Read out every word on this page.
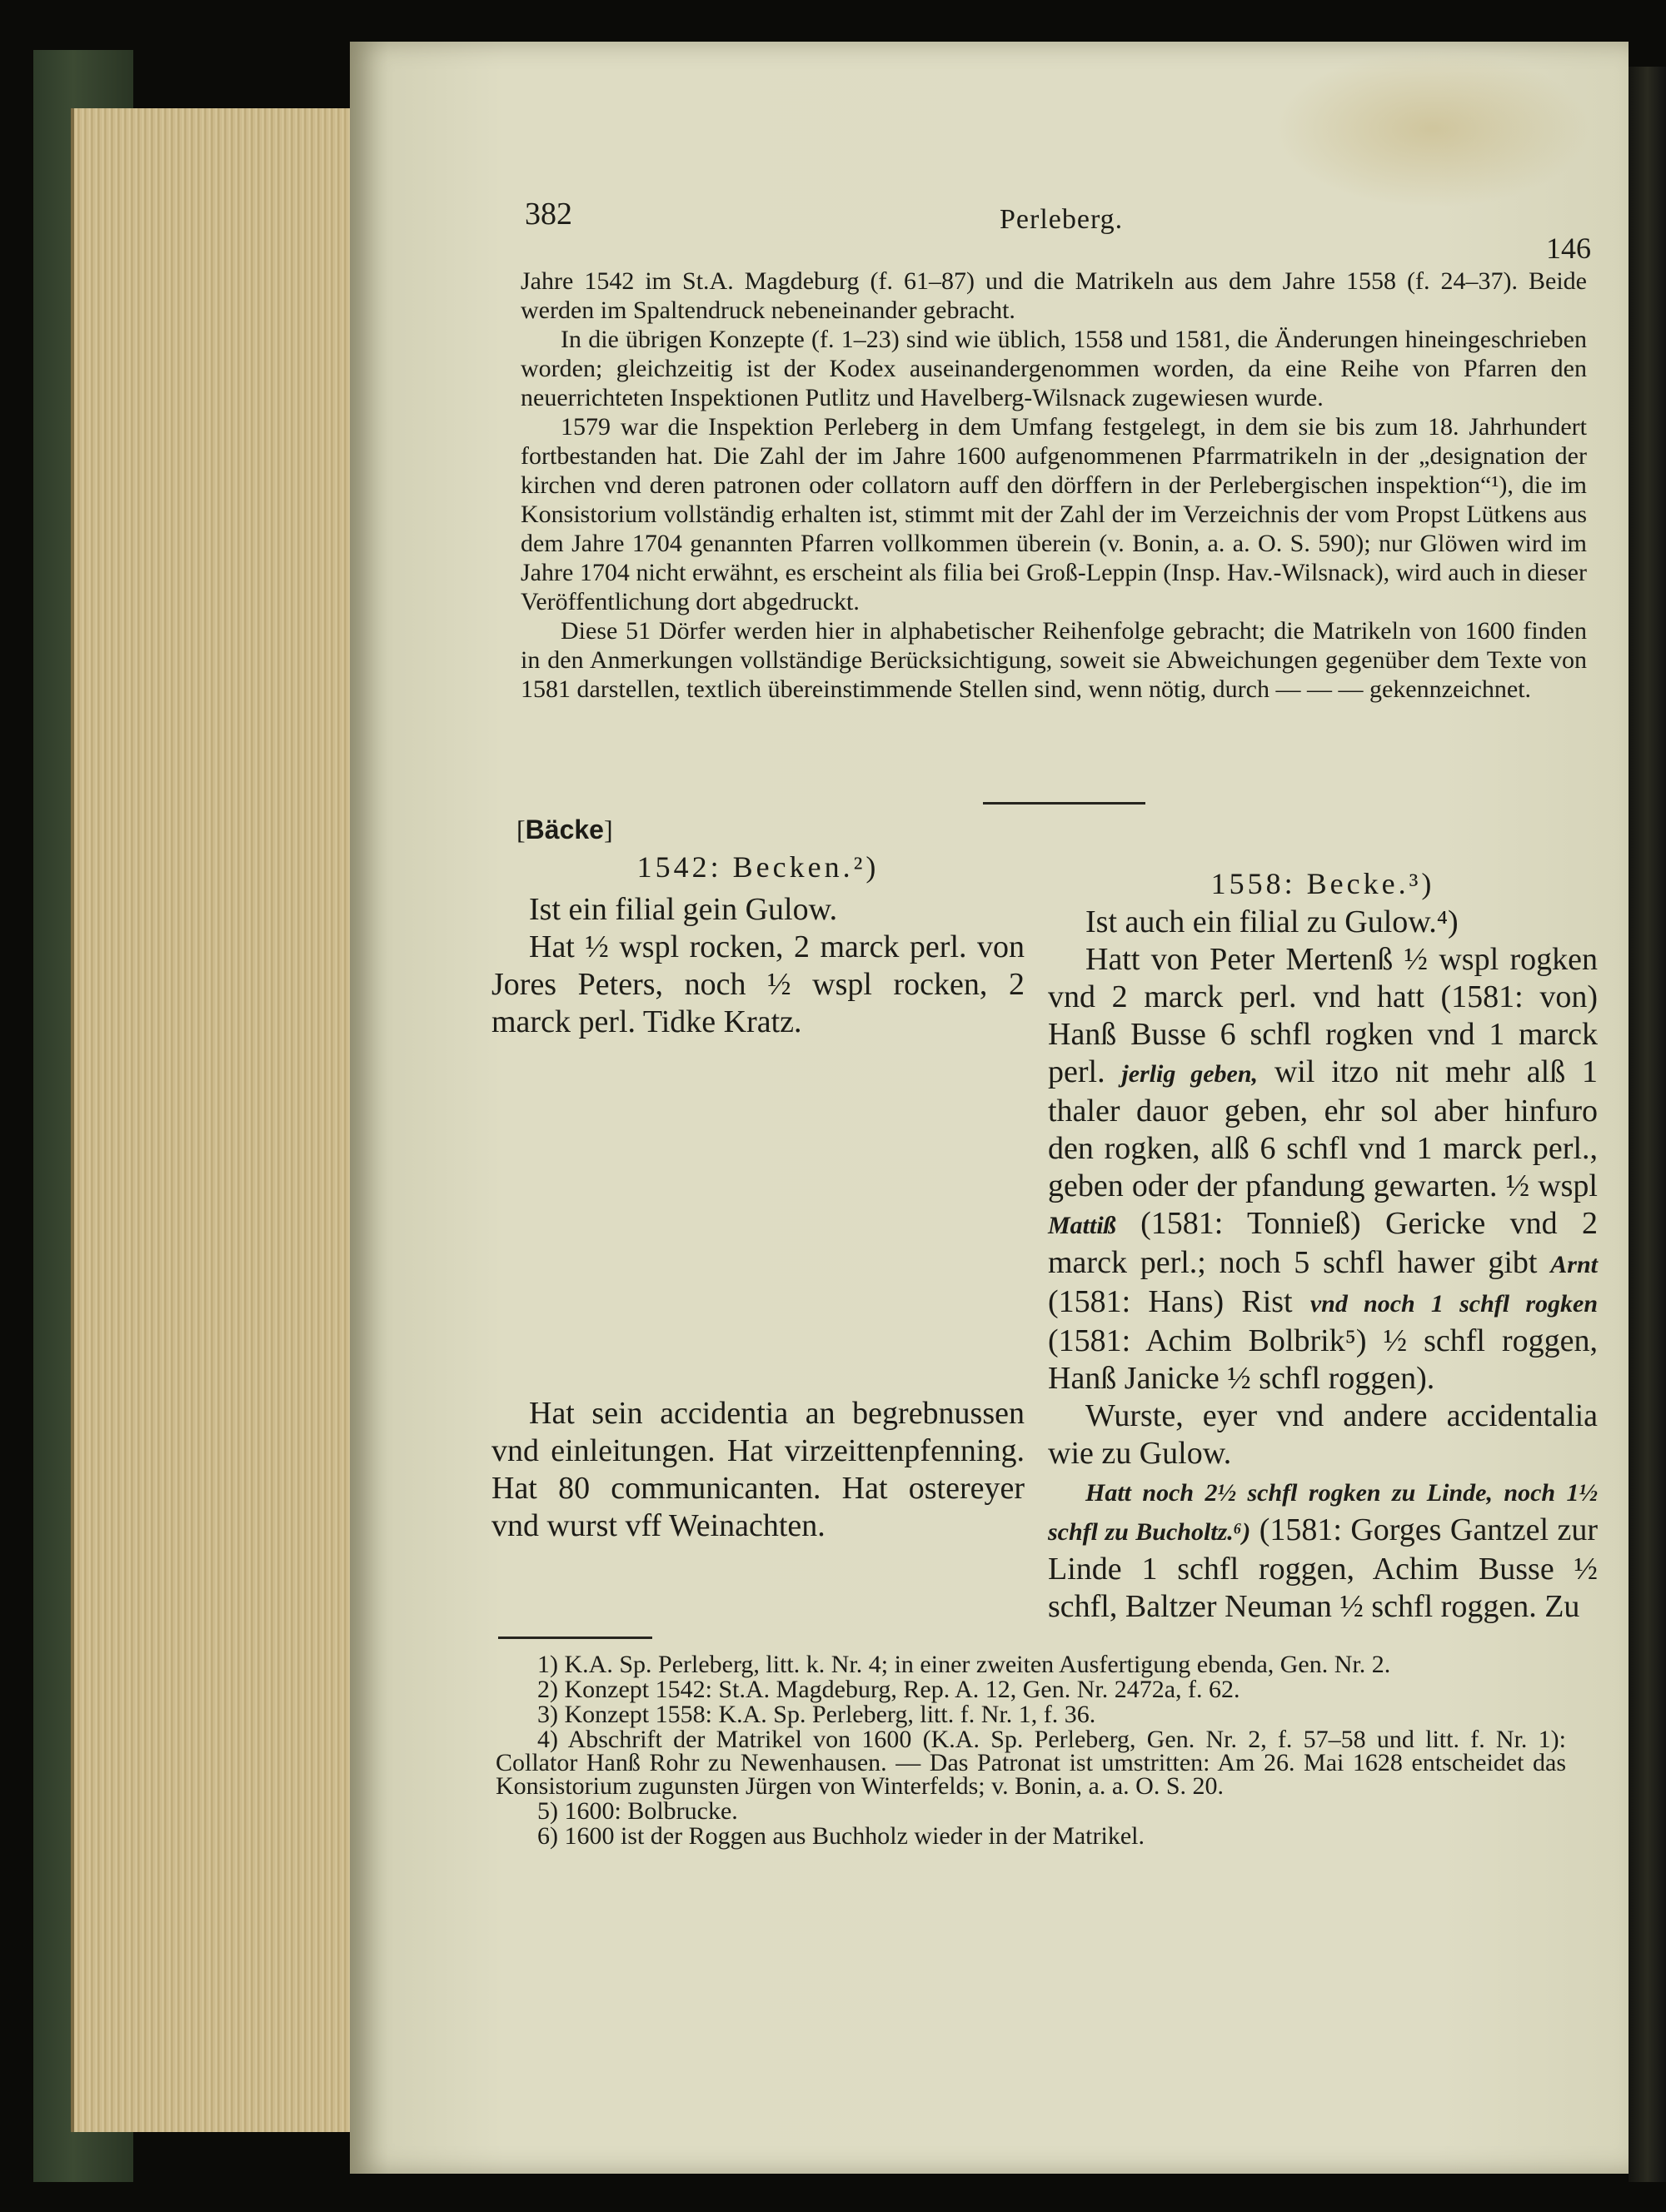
382	Perleberg.
146

Jahre 1542 im St.A. Magdeburg (f. 61–87) und die Matrikeln aus dem Jahre 1558 (f. 24–37). Beide werden im Spaltendruck nebeneinander gebracht.

In die übrigen Konzepte (f. 1–23) sind wie üblich, 1558 und 1581, die Änderungen hineingeschrieben worden; gleichzeitig ist der Kodex auseinandergenommen worden, da eine Reihe von Pfarren den neuerrichteten Inspektionen Putlitz und Havelberg-Wilsnack zugewiesen wurde.

1579 war die Inspektion Perleberg in dem Umfang festgelegt, in dem sie bis zum 18. Jahrhundert fortbestanden hat. Die Zahl der im Jahre 1600 aufgenommenen Pfarrmatrikeln in der „designation der kirchen vnd deren patronen oder collatorn auff den dörffern in der Perlebergischen inspektion“¹), die im Konsistorium vollständig erhalten ist, stimmt mit der Zahl der im Verzeichnis der vom Propst Lütkens aus dem Jahre 1704 genannten Pfarren vollkommen überein (v. Bonin, a. a. O. S. 590); nur Glöwen wird im Jahre 1704 nicht erwähnt, es erscheint als filia bei Groß-Leppin (Insp. Hav.-Wilsnack), wird auch in dieser Veröffentlichung dort abgedruckt.

Diese 51 Dörfer werden hier in alphabetischer Reihenfolge gebracht; die Matrikeln von 1600 finden in den Anmerkungen vollständige Berücksichtigung, soweit sie Abweichungen gegenüber dem Texte von 1581 darstellen, textlich übereinstimmende Stellen sind, wenn nötig, durch — — — gekennzeichnet.

[Bäcke]
1542: Becken.²)	1558: Becke.³)

Ist ein filial gein Gulow.

Hat ½ wspl rocken, 2 marck perl. von Jores Peters, noch ½ wspl rocken, 2 marck perl. Tidke Kratz.

Hat sein accidentia an begrebnussen vnd einleitungen. Hat virzeittenpfenning. Hat 80 communicanten. Hat ostereyer vnd wurst vff Weinachten.

Ist auch ein filial zu Gulow.⁴)

Hatt von Peter Mertenß ½ wspl rogken vnd 2 marck perl. vnd hatt (1581: von) Hanß Busse 6 schfl rogken vnd 1 marck perl. jerlig geben, wil itzo nit mehr alß 1 thaler dauor geben, ehr sol aber hinfuro den rogken, alß 6 schfl vnd 1 marck perl., geben oder der pfandung gewarten. ½ wspl Mattiß (1581: Tonnieß) Gericke vnd 2 marck perl.; noch 5 schfl hawer gibt Arnt (1581: Hans) Rist vnd noch 1 schfl rogken (1581: Achim Bolbrik⁵) ½ schfl roggen, Hanß Janicke ½ schfl roggen).

Wurste, eyer vnd andere accidentalia wie zu Gulow.

Hatt noch 2½ schfl rogken zu Linde, noch 1½ schfl zu Bucholtz.⁶) (1581: Gorges Gantzel zur Linde 1 schfl roggen, Achim Busse ½ schfl, Baltzer Neuman ½ schfl roggen. Zu

1) K.A. Sp. Perleberg, litt. k. Nr. 4; in einer zweiten Ausfertigung ebenda, Gen. Nr. 2.

2) Konzept 1542: St.A. Magdeburg, Rep. A. 12, Gen. Nr. 2472a, f. 62.

3) Konzept 1558: K.A. Sp. Perleberg, litt. f. Nr. 1, f. 36.

4) Abschrift der Matrikel von 1600 (K.A. Sp. Perleberg, Gen. Nr. 2, f. 57–58 und litt. f. Nr. 1): Collator Hanß Rohr zu Newenhausen. — Das Patronat ist umstritten: Am 26. Mai 1628 entscheidet das Konsistorium zugunsten Jürgen von Winterfelds; v. Bonin, a. a. O. S. 20.

5) 1600: Bolbrucke.

6) 1600 ist der Roggen aus Buchholz wieder in der Matrikel.
